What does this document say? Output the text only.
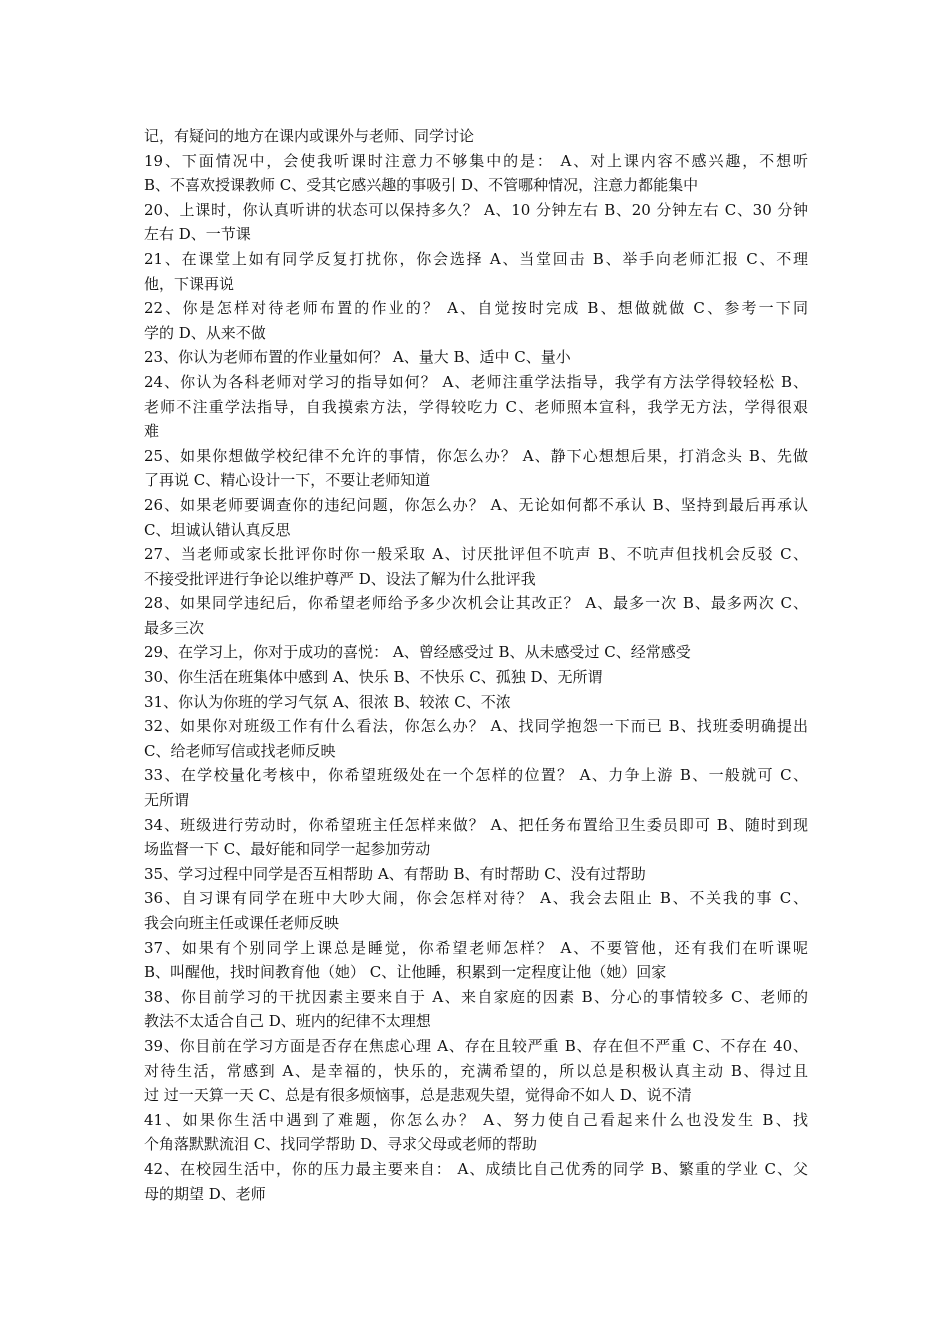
记，有疑问的地方在课内或课外与老师、同学讨论
19、下面情况中，会使我听课时注意力不够集中的是： A、对上课内容不感兴趣，不想听
B、不喜欢授课教师 C、受其它感兴趣的事吸引 D、不管哪种情况，注意力都能集中
20、上课时，你认真听讲的状态可以保持多久？ A、10 分钟左右 B、20 分钟左右 C、30 分钟
左右 D、一节课
21、在课堂上如有同学反复打扰你，你会选择 A、当堂回击 B、举手向老师汇报 C、不理
他，下课再说
22、你是怎样对待老师布置的作业的？ A、自觉按时完成 B、想做就做 C、参考一下同
学的 D、从来不做
23、你认为老师布置的作业量如何？ A、量大 B、适中 C、量小
24、你认为各科老师对学习的指导如何？ A、老师注重学法指导，我学有方法学得较轻松 B、
老师不注重学法指导，自我摸索方法，学得较吃力 C、老师照本宣科，我学无方法，学得很艰
难
25、如果你想做学校纪律不允许的事情，你怎么办？ A、静下心想想后果，打消念头 B、先做
了再说 C、精心设计一下，不要让老师知道
26、如果老师要调查你的违纪问题，你怎么办？ A、无论如何都不承认 B、坚持到最后再承认
C、坦诚认错认真反思
27、当老师或家长批评你时你一般采取 A、讨厌批评但不吭声 B、不吭声但找机会反驳 C、
不接受批评进行争论以维护尊严 D、设法了解为什么批评我
28、如果同学违纪后，你希望老师给予多少次机会让其改正？ A、最多一次 B、最多两次 C、
最多三次
29、在学习上，你对于成功的喜悦： A、曾经感受过 B、从未感受过 C、经常感受
30、你生活在班集体中感到 A、快乐 B、不快乐 C、孤独 D、无所谓
31、你认为你班的学习气氛 A、很浓 B、较浓 C、不浓
32、如果你对班级工作有什么看法，你怎么办？ A、找同学抱怨一下而已 B、找班委明确提出
C、给老师写信或找老师反映
33、在学校量化考核中，你希望班级处在一个怎样的位置？ A、力争上游 B、一般就可 C、
无所谓
34、班级进行劳动时，你希望班主任怎样来做？ A、把任务布置给卫生委员即可 B、随时到现
场监督一下 C、最好能和同学一起参加劳动
35、学习过程中同学是否互相帮助 A、有帮助 B、有时帮助 C、没有过帮助
36、自习课有同学在班中大吵大闹，你会怎样对待？ A、我会去阻止 B、不关我的事 C、
我会向班主任或课任老师反映
37、如果有个别同学上课总是睡觉，你希望老师怎样？ A、不要管他，还有我们在听课呢
B、叫醒他，找时间教育他（她） C、让他睡，积累到一定程度让他（她）回家
38、你目前学习的干扰因素主要来自于 A、来自家庭的因素 B、分心的事情较多 C、老师的
教法不太适合自己 D、班内的纪律不太理想
39、你目前在学习方面是否存在焦虑心理 A、存在且较严重 B、存在但不严重 C、不存在 40、
对待生活，常感到 A、是幸福的，快乐的，充满希望的，所以总是积极认真主动 B、得过且
过 过一天算一天 C、总是有很多烦恼事，总是悲观失望，觉得命不如人 D、说不清
41、如果你生活中遇到了难题，你怎么办？ A、努力使自己看起来什么也没发生 B、找
个角落默默流泪 C、找同学帮助 D、寻求父母或老师的帮助
42、在校园生活中，你的压力最主要来自： A、成绩比自己优秀的同学 B、繁重的学业 C、父
母的期望 D、老师
